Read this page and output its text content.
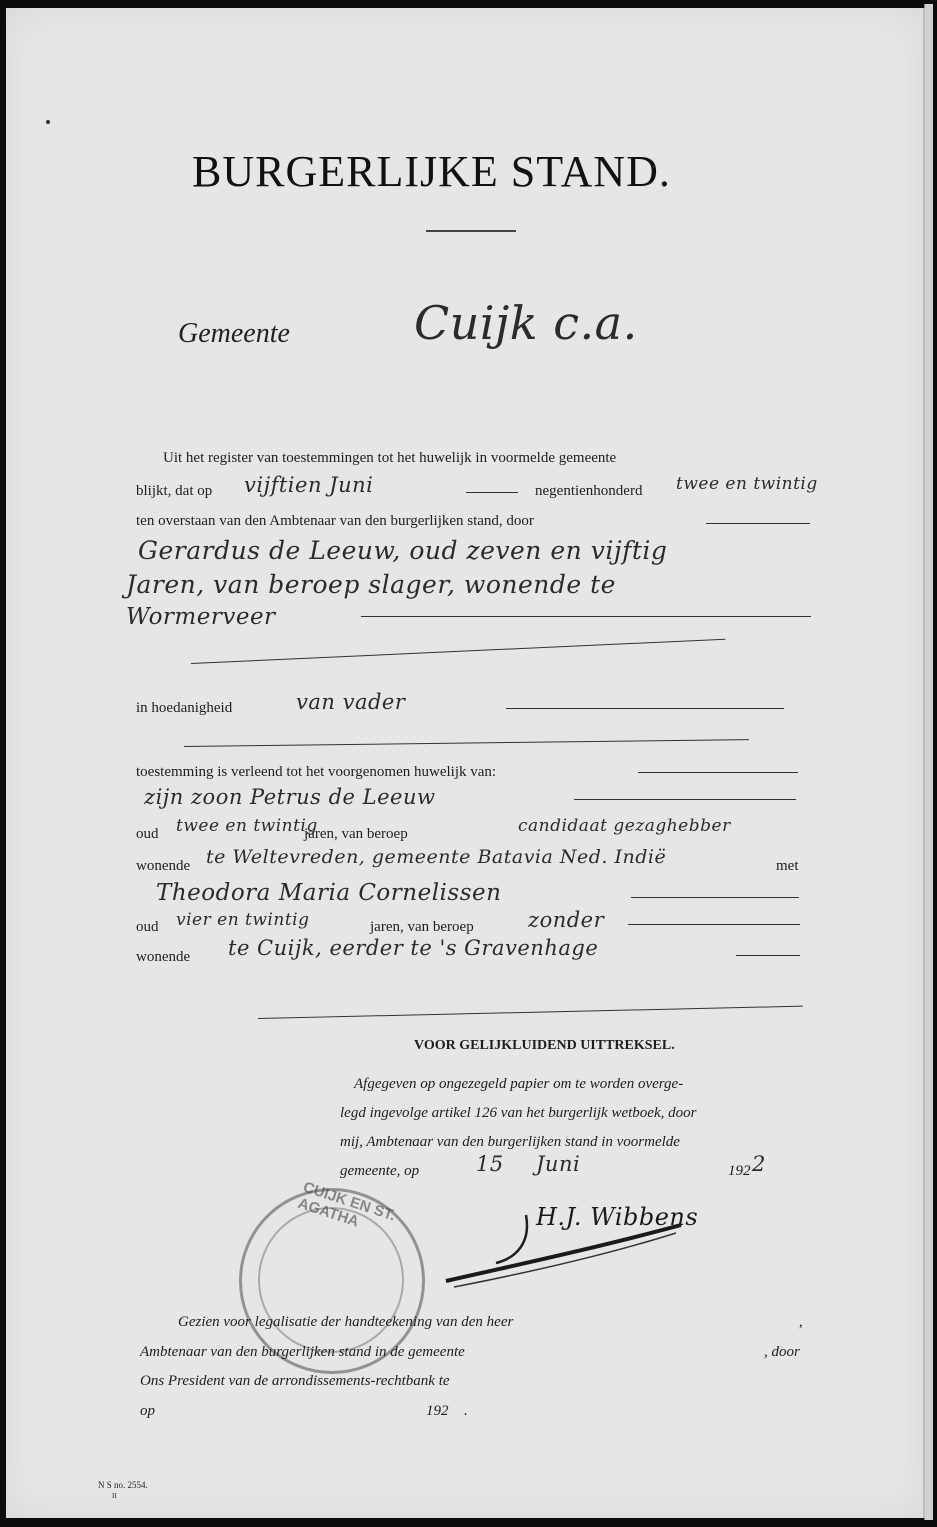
BURGERLIJKE STAND.
Gemeente	Cuijk c.a.
Uit het register van toestemmingen tot het huwelijk in voormelde gemeente
blijkt, dat op vijftien Juni	negentienhonderd twee en twintig
ten overstaan van den Ambtenaar van den burgerlijken stand, door
Gerardus de Leeuw, oud zeven en vijftig
Jaren, van beroep slager, wonende te
Wormerveer
in hoedanigheid	van vader
toestemming is verleend tot het voorgenomen huwelijk van:
zijn zoon Petrus de Leeuw
oud twee en twintig
jaren, van beroep	candidaat gezaghebber
wonende te Weltevreden, gemeente Batavia Ned. Indië	met
Theodora Maria Cornelissen
oud vier en twintig	jaren, van beroep	zonder
wonende te Cuijk, eerder te 's Gravenhage
VOOR GELIJKLUIDEND UITTREKSEL.
Afgegeven op ongezegeld papier om te worden overge-
legd ingevolge artikel 126 van het burgerlijk wetboek, door
mij, Ambtenaar van den burgerlijken stand in voormelde
gemeente, op	15 Juni	192 2
H.J. Wibbens
CUIJK EN ST. AGATHA
Gezien voor legalisatie der handteekening van den heer	,
Ambtenaar van den burgerlijken stand in de gemeente	, door
Ons President van de arrondissements-rechtbank te
op	192 .
N S no. 2554.
II
